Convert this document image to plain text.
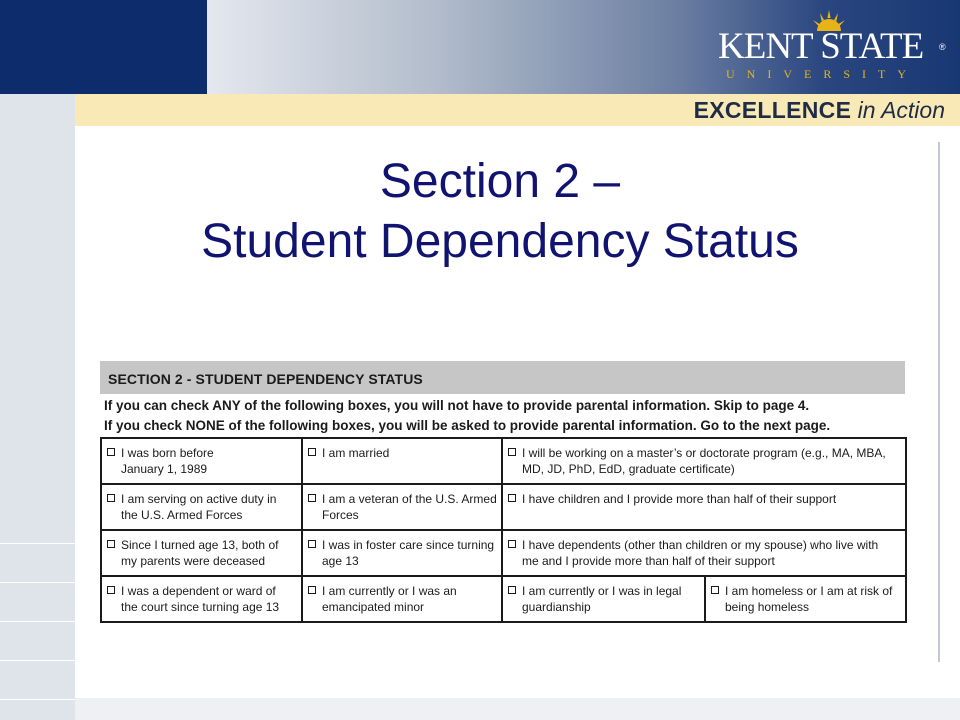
KENT STATE ®
UNIVERSITY
EXCELLENCE in Action
Section 2 –
Student Dependency Status
SECTION 2 - STUDENT DEPENDENCY STATUS
If you can check ANY of the following boxes, you will not have to provide parental information. Skip to page 4.
If you check NONE of the following boxes, you will be asked to provide parental information. Go to the next page.
I was born before
January 1, 1989	I am married	I will be working on a master’s or doctorate program (e.g., MA, MBA,
MD, JD, PhD, EdD, graduate certificate)	

I am serving on active duty in
the U.S. Armed Forces	I am a veteran of the U.S. Armed
Forces	I have children and I provide more than half of their support	

Since I turned age 13, both of
my parents were deceased	I was in foster care since turning
age 13	I have dependents (other than children or my spouse) who live with
me and I provide more than half of their support	

I was a dependent or ward of
the court since turning age 13	I am currently or I was an
emancipated minor	I am currently or I was in legal
guardianship	I am homeless or I am at risk of
being homeless
